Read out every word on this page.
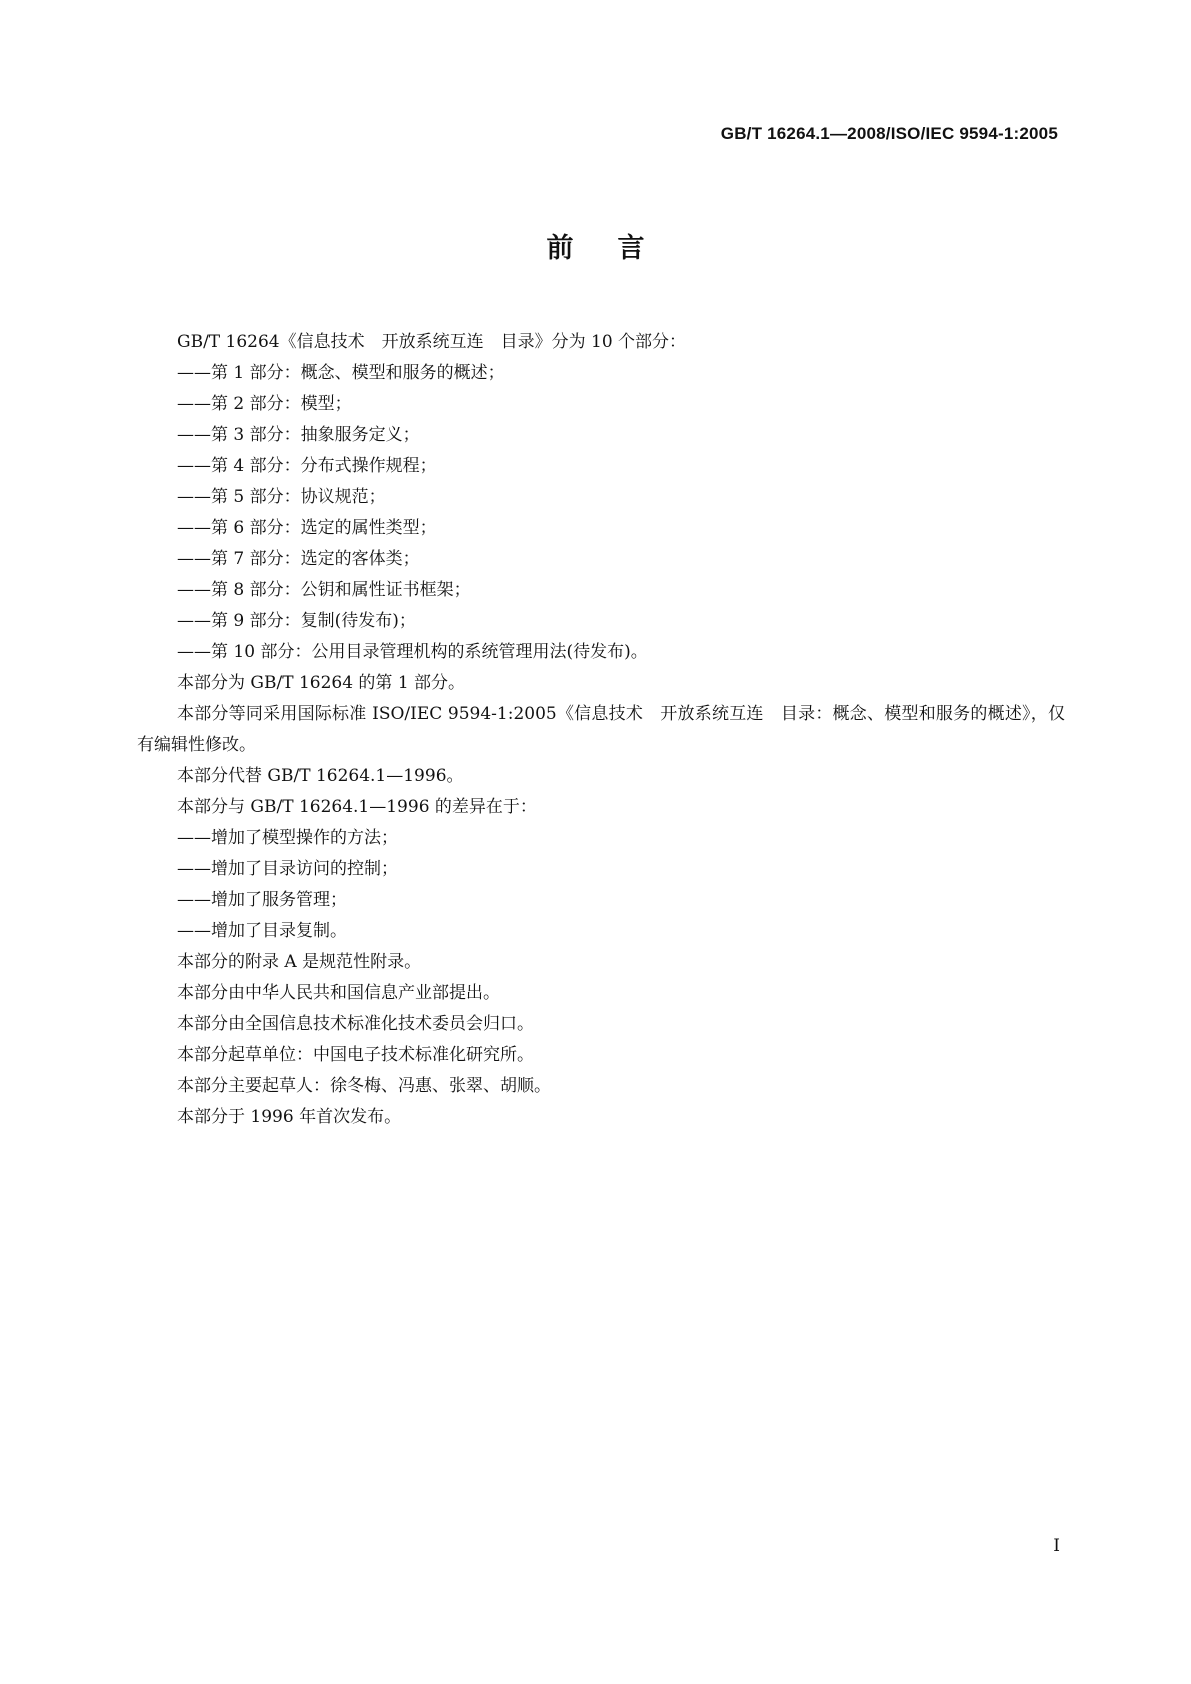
GB/T 16264.1—2008/ISO/IEC 9594-1:2005
前言

GB/T 16264《信息技术　开放系统互连　目录》分为 10 个部分：

——第 1 部分：概念、模型和服务的概述；

——第 2 部分：模型；

——第 3 部分：抽象服务定义；

——第 4 部分：分布式操作规程；

——第 5 部分：协议规范；

——第 6 部分：选定的属性类型；

——第 7 部分：选定的客体类；

——第 8 部分：公钥和属性证书框架；

——第 9 部分：复制(待发布)；

——第 10 部分：公用目录管理机构的系统管理用法(待发布)。

本部分为 GB/T 16264 的第 1 部分。

本部分等同采用国际标准 ISO/IEC 9594-1:2005《信息技术　开放系统互连　目录：概念、模型和服务的概述》，仅有编辑性修改。

本部分代替 GB/T 16264.1—1996。

本部分与 GB/T 16264.1—1996 的差异在于：

——增加了模型操作的方法；

——增加了目录访问的控制；

——增加了服务管理；

——增加了目录复制。

本部分的附录 A 是规范性附录。

本部分由中华人民共和国信息产业部提出。

本部分由全国信息技术标准化技术委员会归口。

本部分起草单位：中国电子技术标准化研究所。

本部分主要起草人：徐冬梅、冯惠、张翠、胡顺。

本部分于 1996 年首次发布。

I
